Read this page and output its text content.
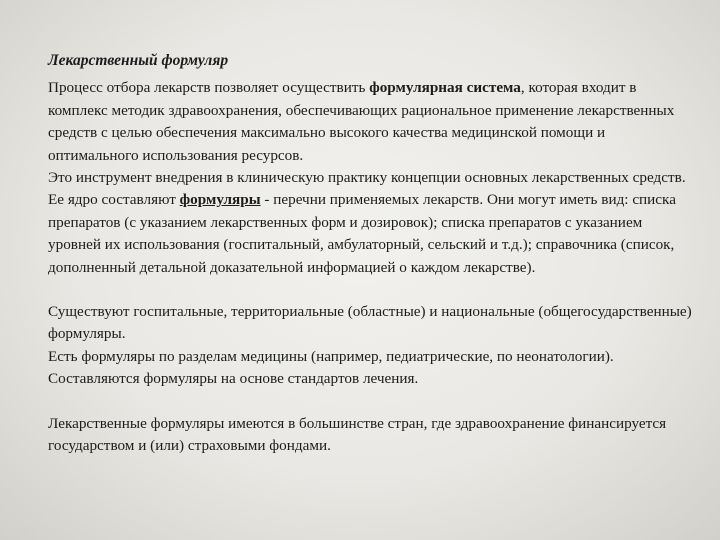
Лекарственный формуляр

Процесс отбора лекарств позволяет осуществить формулярная система, которая входит в комплекс методик здравоохранения, обеспечивающих рациональное применение лекарственных средств с целью обеспечения максимально высокого качества медицинской помощи и оптимального использования ресурсов.

Это инструмент внедрения в клиническую практику концепции основных лекарственных средств.

Ее ядро составляют формуляры - перечни применяемых лекарств. Они могут иметь вид: списка препаратов (с указанием лекарственных форм и дозировок); списка препаратов с указанием уровней их использования (госпитальный, амбулаторный, сельский и т.д.); справочника (список, дополненный детальной доказательной информацией о каждом лекарстве).

Существуют госпитальные, территориальные (областные) и национальные (общегосударственные) формуляры.

Есть формуляры по разделам медицины (например, педиатрические, по неонатологии). Составляются формуляры на основе стандартов лечения.

Лекарственные формуляры имеются в большинстве стран, где здравоохранение финансируется государством и (или) страховыми фондами.
